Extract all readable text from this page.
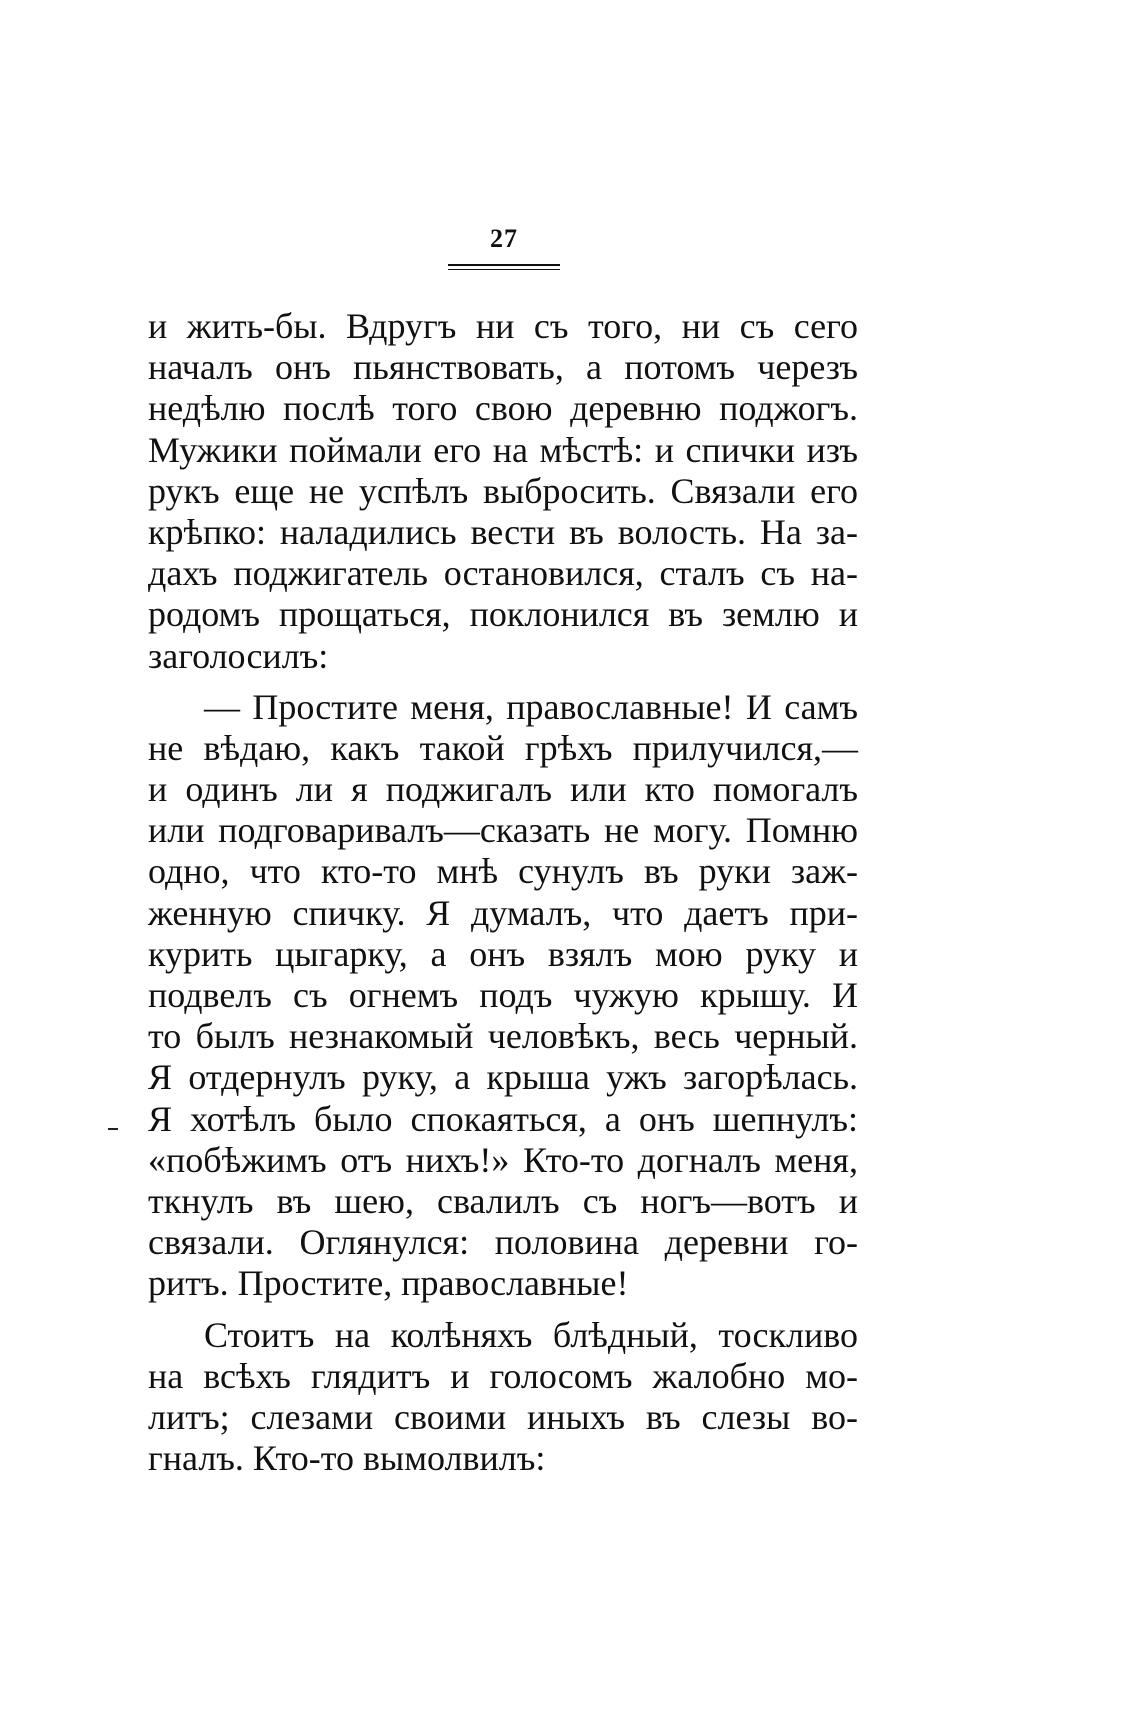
27
и жить-бы. Вдругъ ни съ того, ни съ сего
началъ онъ пьянствовать, а потомъ черезъ
недѣлю послѣ того свою деревню поджогъ.
Мужики поймали его на мѣстѣ: и спички изъ
рукъ еще не успѣлъ выбросить. Связали его
крѣпко: наладились вести въ волость. На за-
дахъ поджигатель остановился, сталъ съ на-
родомъ прощаться, поклонился въ землю и
заголосилъ:
— Простите меня, православные! И самъ
не вѣдаю, какъ такой грѣхъ прилучился,—
и одинъ ли я поджигалъ или кто помогалъ
или подговаривалъ—сказать не могу. Помню
одно, что кто-то мнѣ сунулъ въ руки заж-
женную спичку. Я думалъ, что даетъ при-
курить цыгарку, а онъ взялъ мою руку и
подвелъ съ огнемъ подъ чужую крышу. И
то былъ незнакомый человѣкъ, весь черный.
Я отдернулъ руку, а крыша ужъ загорѣлась.
Я хотѣлъ было спокаяться, а онъ шепнулъ:
«побѣжимъ отъ нихъ!» Кто-то догналъ меня,
ткнулъ въ шею, свалилъ съ ногъ—вотъ и
связали. Оглянулся: половина деревни го-
ритъ. Простите, православные!
Стоитъ на колѣняхъ блѣдный, тоскливо
на всѣхъ глядитъ и голосомъ жалобно мо-
литъ; слезами своими иныхъ въ слезы во-
гналъ. Кто-то вымолвилъ:
